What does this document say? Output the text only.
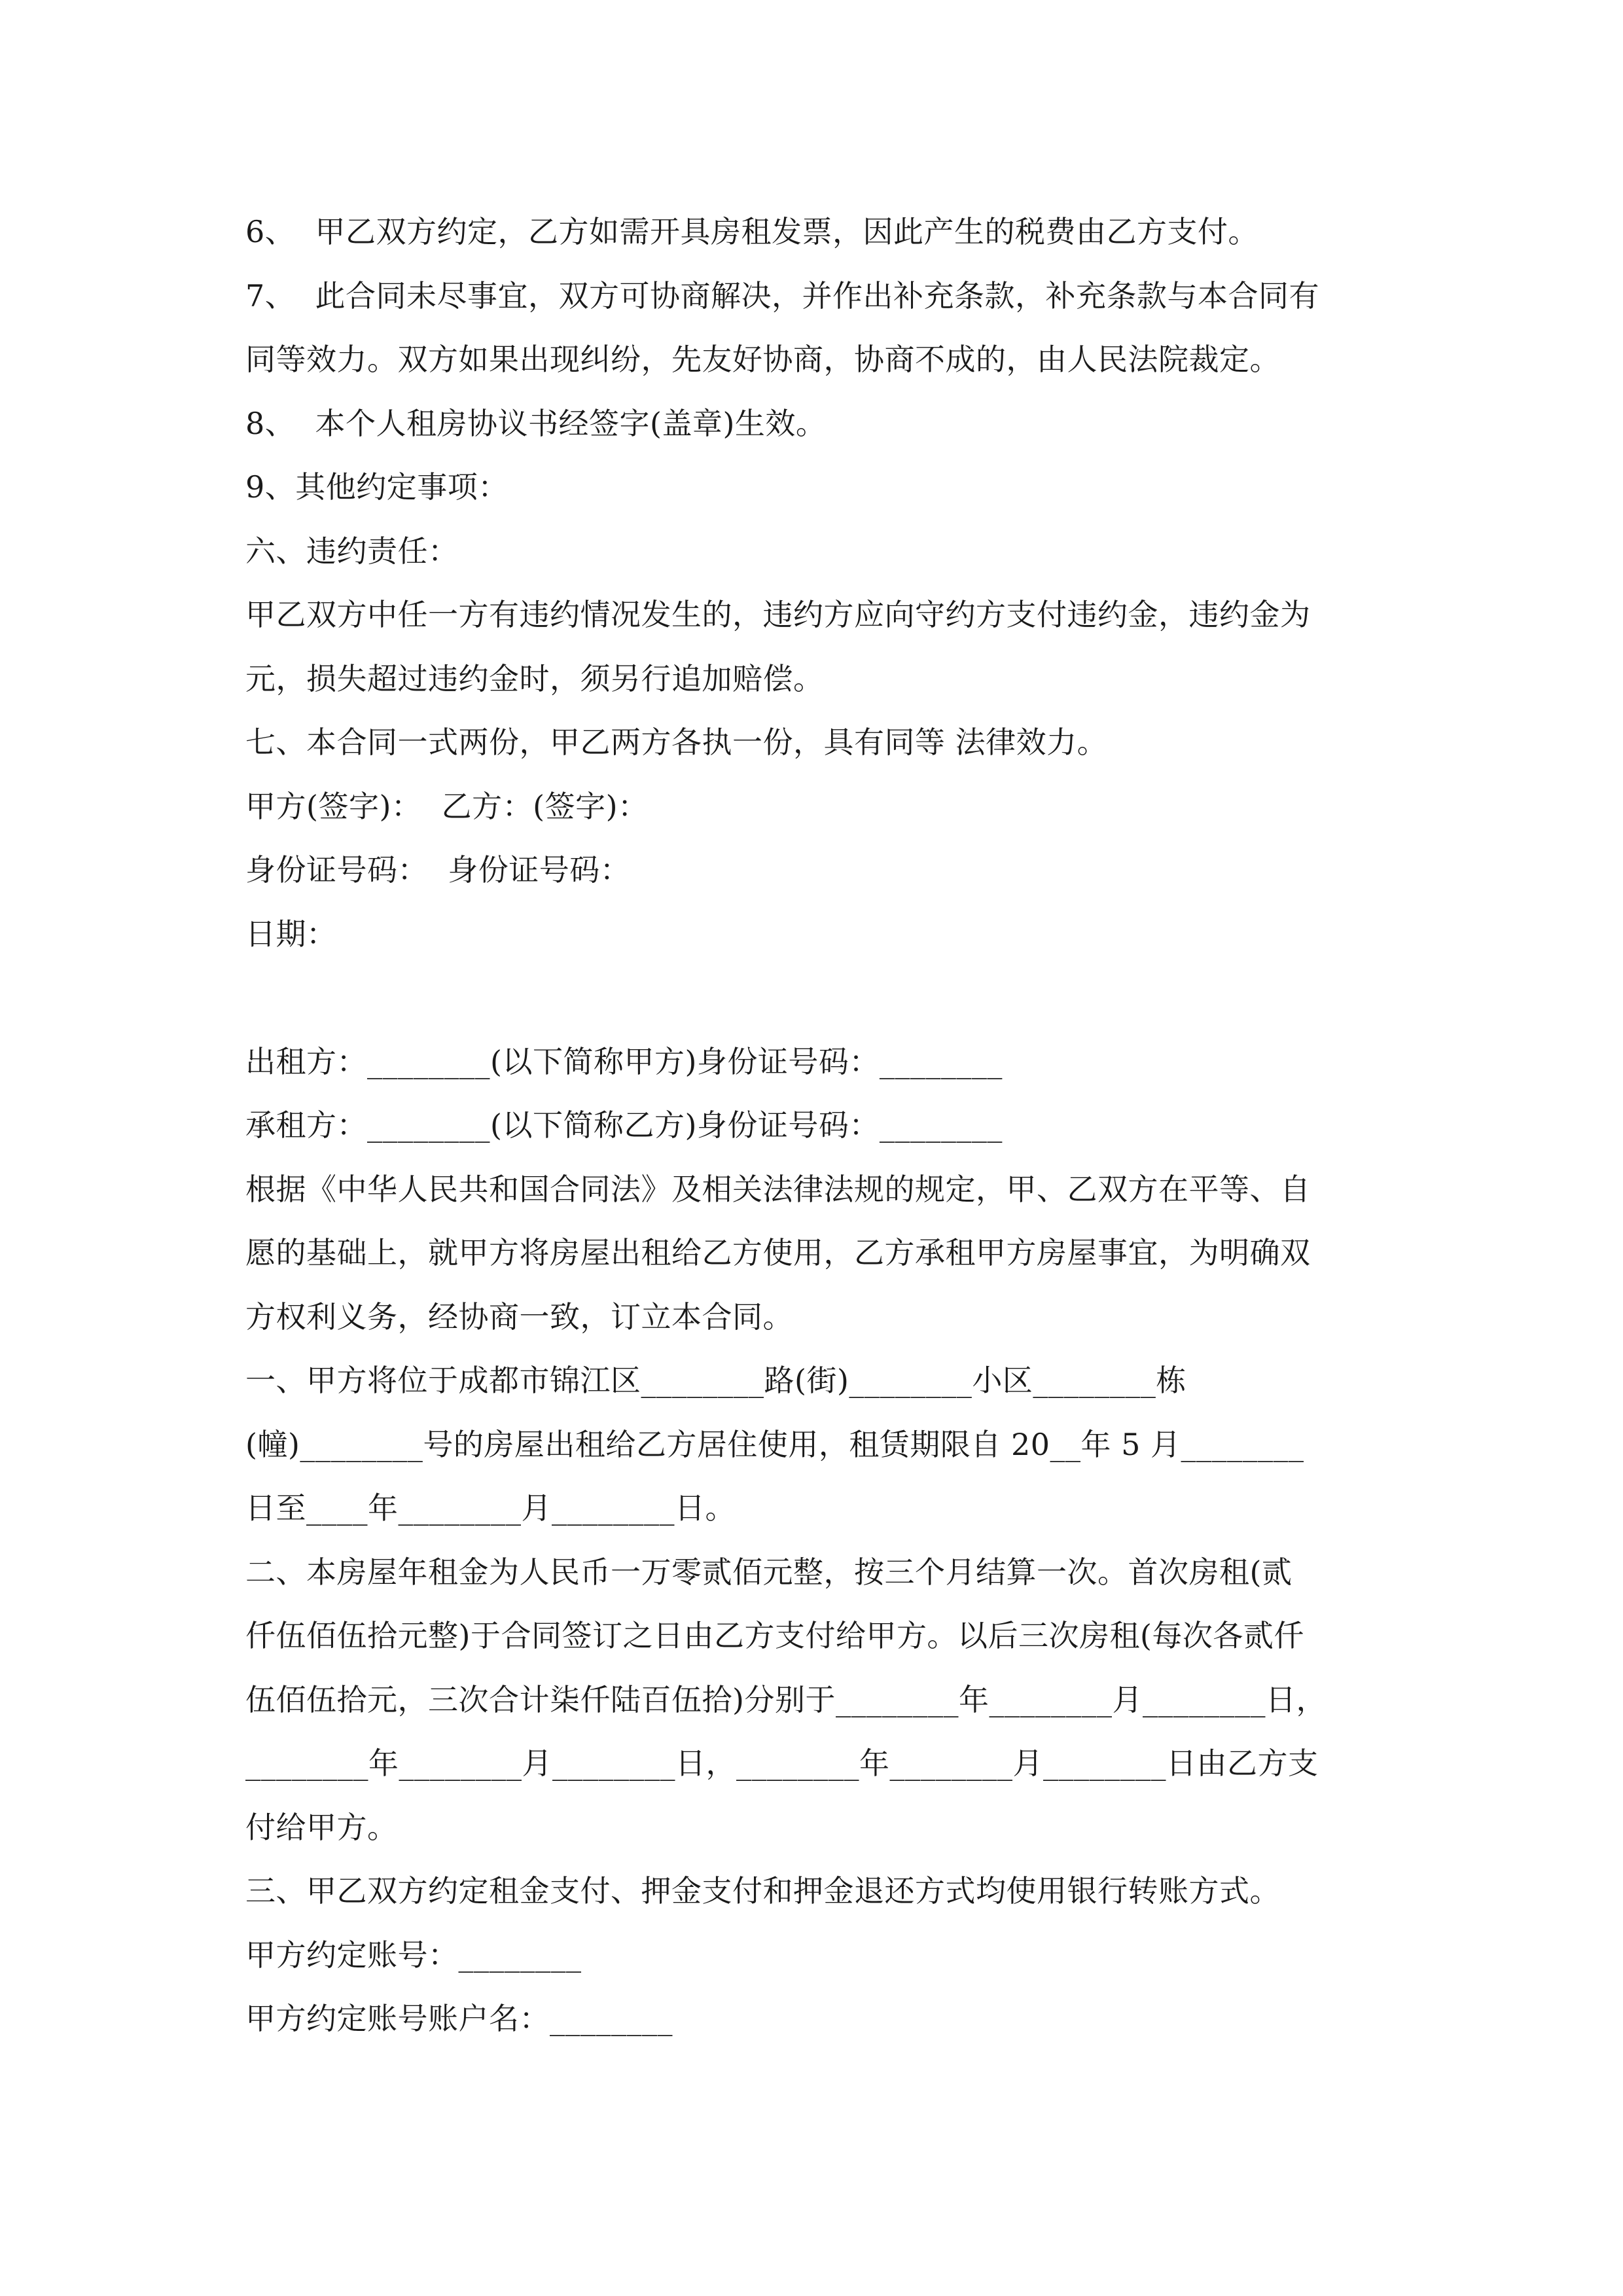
6、  甲乙双方约定，乙方如需开具房租发票，因此产生的税费由乙方支付。
7、  此合同未尽事宜，双方可协商解决，并作出补充条款，补充条款与本合同有
同等效力。双方如果出现纠纷，先友好协商，协商不成的，由人民法院裁定。
8、  本个人租房协议书经签字(盖章)生效。
9、其他约定事项：
六、违约责任：
甲乙双方中任一方有违约情况发生的，违约方应向守约方支付违约金，违约金为
元，损失超过违约金时，须另行追加赔偿。
七、本合同一式两份，甲乙两方各执一份，具有同等 法律效力。
甲方(签字)：  乙方：(签字)：
身份证号码：  身份证号码：
日期：
出租方：________(以下简称甲方)身份证号码：________
承租方：________(以下简称乙方)身份证号码：________
根据《中华人民共和国合同法》及相关法律法规的规定，甲、乙双方在平等、自
愿的基础上，就甲方将房屋出租给乙方使用，乙方承租甲方房屋事宜，为明确双
方权利义务，经协商一致，订立本合同。
一、甲方将位于成都市锦江区________路(街)________小区________栋
(幢)________号的房屋出租给乙方居住使用，租赁期限自 20__年 5 月________
日至____年________月________日。
二、本房屋年租金为人民币一万零贰佰元整，按三个月结算一次。首次房租(贰
仟伍佰伍拾元整)于合同签订之日由乙方支付给甲方。以后三次房租(每次各贰仟
伍佰伍拾元，三次合计柒仟陆百伍拾)分别于________年________月________日，
________年________月________日，________年________月________日由乙方支
付给甲方。
三、甲乙双方约定租金支付、押金支付和押金退还方式均使用银行转账方式。
甲方约定账号：________
甲方约定账号账户名：________
